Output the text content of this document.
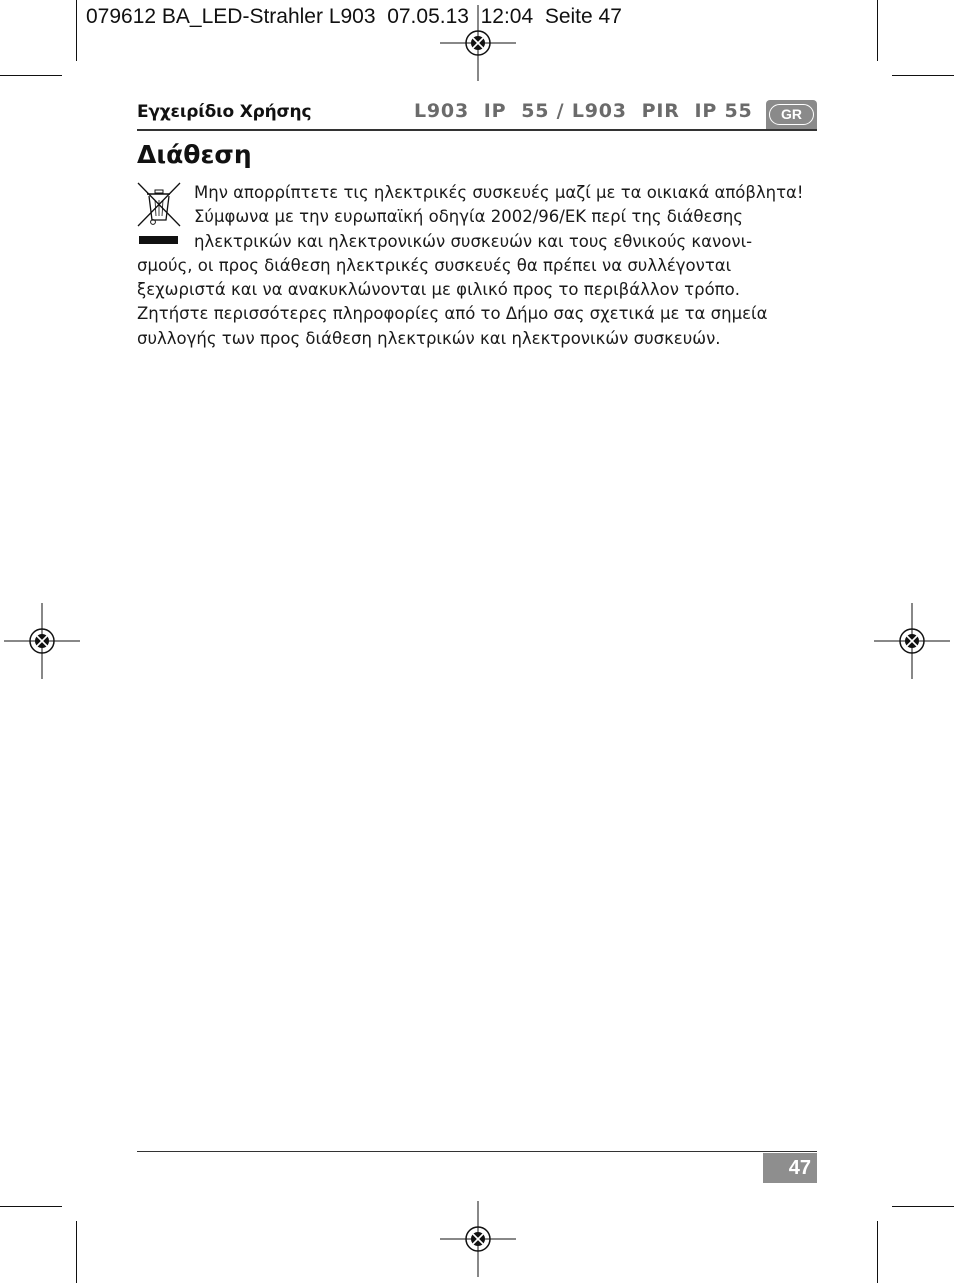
079612 BA_LED-Strahler L903  07.05.13  12:04  Seite 47
Εγχειρίδιο Χρήσης	L903  IP  55 / L903  PIR  IP 55	GR
Διάθεση
Μην απορρίπτετε τις ηλεκτρικές συσκευές μαζί με τα οικιακά απόβλητα!
Σύμφωνα με την ευρωπαϊκή οδηγία 2002/96/ΕΚ περί της διάθεσης
ηλεκτρικών και ηλεκτρονικών συσκευών και τους εθνικούς κανονι-
σμούς, οι προς διάθεση ηλεκτρικές συσκευές θα πρέπει να συλλέγονται
ξεχωριστά και να ανακυκλώνονται με φιλικό προς το περιβάλλον τρόπο.
Ζητήστε περισσότερες πληροφορίες από το Δήμο σας σχετικά με τα σημεία
συλλογής των προς διάθεση ηλεκτρικών και ηλεκτρονικών συσκευών.
47
